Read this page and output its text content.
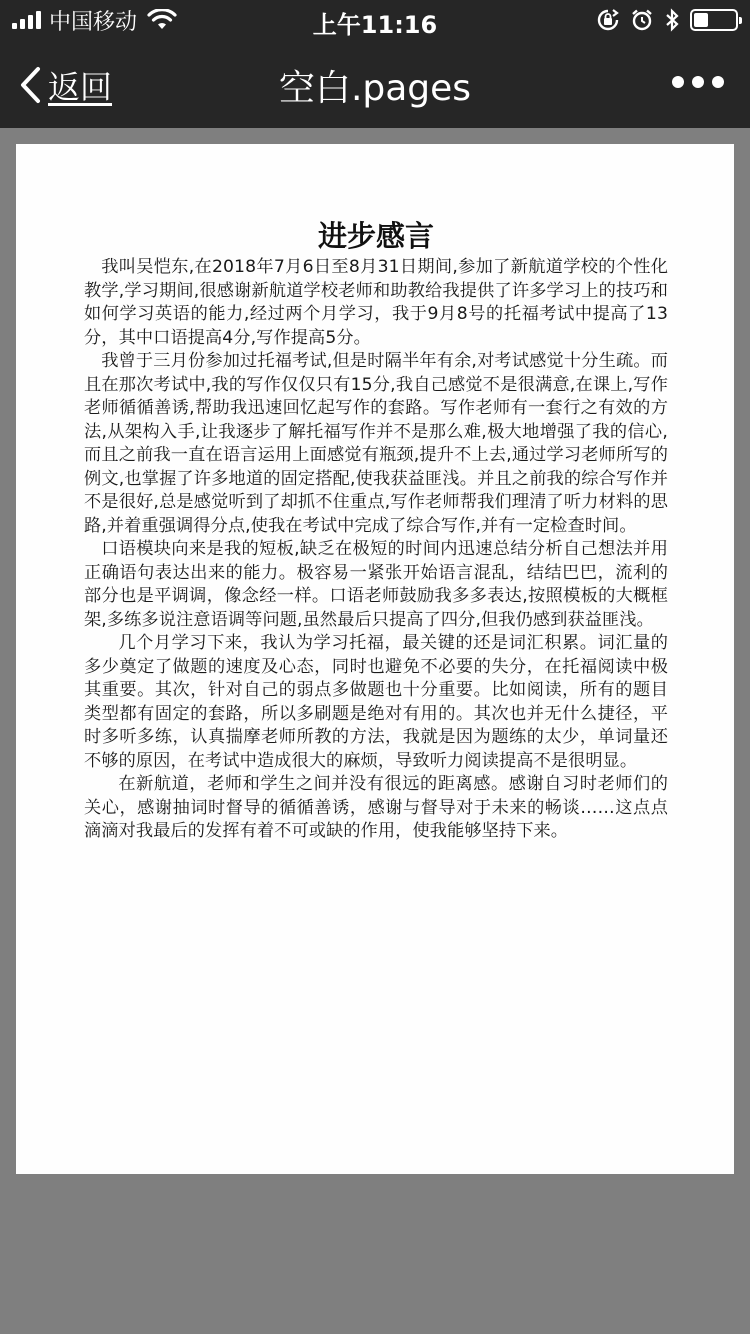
中国移动	上午11:16
返回	空白.pages
进步感言

我叫吴恺东,在2018年7月6日至8月31日期间,参加了新航道学校的个性化教学,学习期间,很感谢新航道学校老师和助教给我提供了许多学习上的技巧和如何学习英语的能力,经过两个月学习，我于9月8号的托福考试中提高了13分，其中口语提高4分,写作提高5分。

我曾于三月份参加过托福考试,但是时隔半年有余,对考试感觉十分生疏。而且在那次考试中,我的写作仅仅只有15分,我自己感觉不是很满意,在课上,写作老师循循善诱,帮助我迅速回忆起写作的套路。写作老师有一套行之有效的方法,从架构入手,让我逐步了解托福写作并不是那么难,极大地增强了我的信心,而且之前我一直在语言运用上面感觉有瓶颈,提升不上去,通过学习老师所写的例文,也掌握了许多地道的固定搭配,使我获益匪浅。并且之前我的综合写作并不是很好,总是感觉听到了却抓不住重点,写作老师帮我们理清了听力材料的思路,并着重强调得分点,使我在考试中完成了综合写作,并有一定检查时间。

口语模块向来是我的短板,缺乏在极短的时间内迅速总结分析自己想法并用正确语句表达出来的能力。极容易一紧张开始语言混乱，结结巴巴，流利的部分也是平调调，像念经一样。口语老师鼓励我多多表达,按照模板的大概框架,多练多说注意语调等问题,虽然最后只提高了四分,但我仍感到获益匪浅。

几个月学习下来，我认为学习托福，最关键的还是词汇积累。词汇量的多少奠定了做题的速度及心态，同时也避免不必要的失分，在托福阅读中极其重要。其次，针对自己的弱点多做题也十分重要。比如阅读，所有的题目类型都有固定的套路，所以多刷题是绝对有用的。其次也并无什么捷径，平时多听多练，认真揣摩老师所教的方法，我就是因为题练的太少，单词量还不够的原因，在考试中造成很大的麻烦，导致听力阅读提高不是很明显。

在新航道，老师和学生之间并没有很远的距离感。感谢自习时老师们的关心，感谢抽词时督导的循循善诱，感谢与督导对于未来的畅谈……这点点滴滴对我最后的发挥有着不可或缺的作用，使我能够坚持下来。
